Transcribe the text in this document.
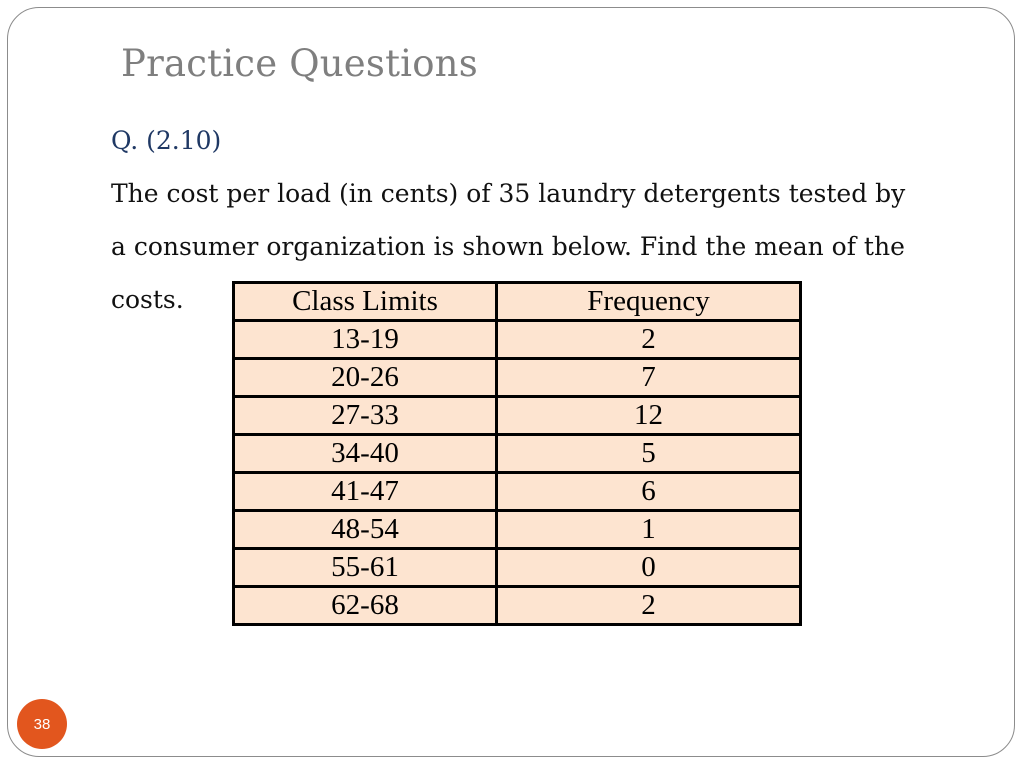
Practice Questions
Q. (2.10)
The cost per load (in cents) of 35 laundry detergents tested by
a consumer organization is shown below. Find the mean of the
costs.	Class Limits	Frequency
13-19	2
20-26	7
27-33	12
34-40	5
41-47	6
48-54	1
55-61	0
62-68	2
38
